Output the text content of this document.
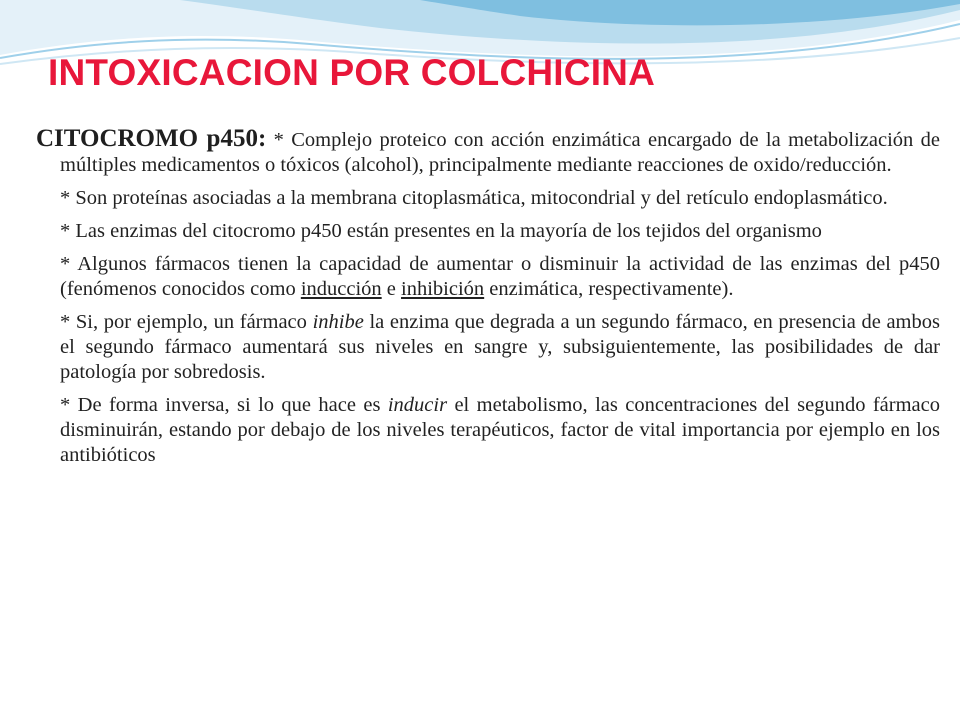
INTOXICACION POR COLCHICINA

CITOCROMO p450: * Complejo proteico con acción enzimática encargado de la metabolización de múltiples medicamentos o tóxicos (alcohol), principalmente mediante reacciones de oxido/reducción.

* Son proteínas asociadas a la membrana citoplasmática, mitocondrial y del retículo endoplasmático.

* Las enzimas del citocromo p450 están presentes en la mayoría de los tejidos del organismo

* Algunos fármacos tienen la capacidad de aumentar o disminuir la actividad de las enzimas del p450 (fenómenos conocidos como inducción e inhibición enzimática, respectivamente).

* Si, por ejemplo, un fármaco inhibe la enzima que degrada a un segundo fármaco, en presencia de ambos el segundo fármaco aumentará sus niveles en sangre y, subsiguientemente, las posibilidades de dar patología por sobredosis.

* De forma inversa, si lo que hace es inducir el metabolismo, las concentraciones del segundo fármaco disminuirán, estando por debajo de los niveles terapéuticos, factor de vital importancia por ejemplo en los antibióticos
